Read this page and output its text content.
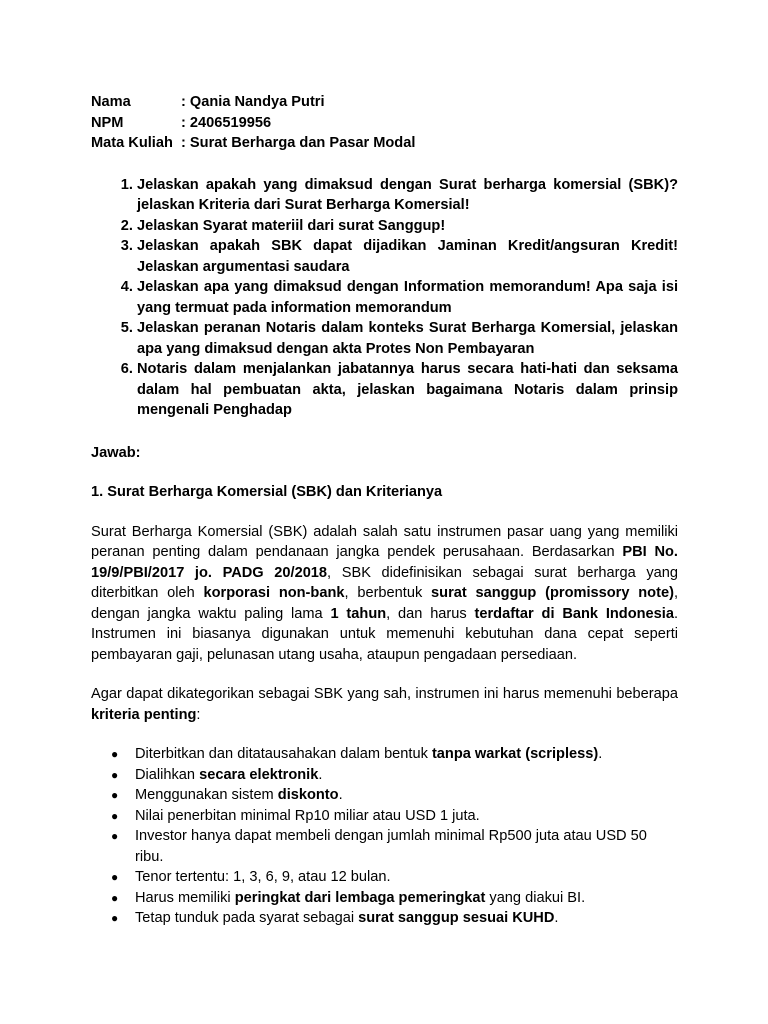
Nama	: Qania Nandya Putri
NPM	: 2406519956
Mata Kuliah : Surat Berharga dan Pasar Modal
1. Jelaskan apakah yang dimaksud dengan Surat berharga komersial (SBK)?jelaskan Kriteria dari Surat Berharga Komersial!
2. Jelaskan Syarat materiil dari surat Sanggup!
3. Jelaskan apakah SBK dapat dijadikan Jaminan Kredit/angsuran Kredit! Jelaskan argumentasi saudara
4. Jelaskan apa yang dimaksud dengan Information memorandum! Apa saja isi yang termuat pada information memorandum
5. Jelaskan peranan Notaris dalam konteks Surat Berharga Komersial, jelaskan apa yang dimaksud dengan akta Protes Non Pembayaran
6. Notaris dalam menjalankan jabatannya harus secara hati-hati dan seksama dalam hal pembuatan akta, jelaskan bagaimana Notaris dalam prinsip mengenali Penghadap
Jawab:
1. Surat Berharga Komersial (SBK) dan Kriterianya

Surat Berharga Komersial (SBK) adalah salah satu instrumen pasar uang yang memiliki peranan penting dalam pendanaan jangka pendek perusahaan. Berdasarkan PBI No. 19/9/PBI/2017 jo. PADG 20/2018, SBK didefinisikan sebagai surat berharga yang diterbitkan oleh korporasi non-bank, berbentuk surat sanggup (promissory note), dengan jangka waktu paling lama 1 tahun, dan harus terdaftar di Bank Indonesia. Instrumen ini biasanya digunakan untuk memenuhi kebutuhan dana cepat seperti pembayaran gaji, pelunasan utang usaha, ataupun pengadaan persediaan.

Agar dapat dikategorikan sebagai SBK yang sah, instrumen ini harus memenuhi beberapa kriteria penting:

● Diterbitkan dan ditatausahakan dalam bentuk tanpa warkat (scripless).
● Dialihkan secara elektronik.
● Menggunakan sistem diskonto.
● Nilai penerbitan minimal Rp10 miliar atau USD 1 juta.
● Investor hanya dapat membeli dengan jumlah minimal Rp500 juta atau USD 50 ribu.
● Tenor tertentu: 1, 3, 6, 9, atau 12 bulan.
● Harus memiliki peringkat dari lembaga pemeringkat yang diakui BI.
● Tetap tunduk pada syarat sebagai surat sanggup sesuai KUHD.
